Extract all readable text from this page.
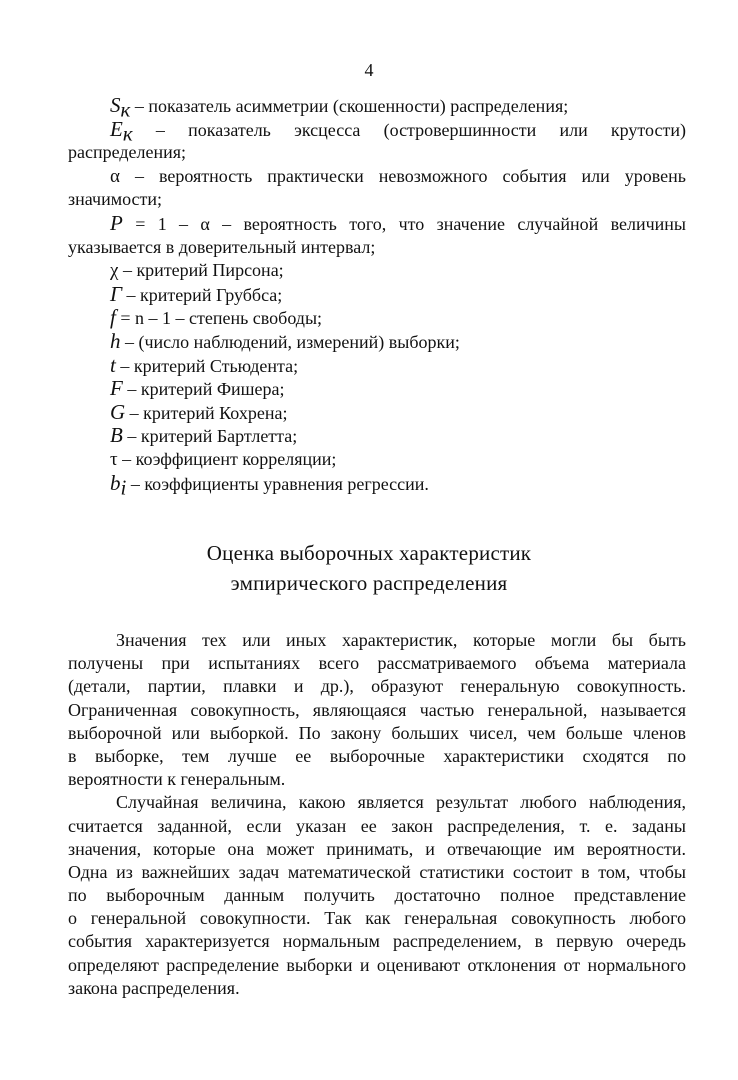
4
$S_к$ – показатель асимметрии (скошенности) распределения;
$E_к$ – показатель эксцесса (островершинности или крутости)
распределения;
α – вероятность практически невозможного события или уровень
значимости;
P = 1 – α – вероятность того, что значение случайной величины
указывается в доверительный интервал;
χ – критерий Пирсона;
Г – критерий Груббса;
f = n – 1 – степень свободы;
h – (число наблюдений, измерений) выборки;
t – критерий Стьюдента;
F – критерий Фишера;
G – критерий Кохрена;
B – критерий Бартлетта;
τ – коэффициент корреляции;
$b_i$ – коэффициенты уравнения регрессии.
Оценка выборочных характеристик
эмпирического распределения
Значения тех или иных характеристик, которые могли бы быть
получены при испытаниях всего рассматриваемого объема материала
(детали, партии, плавки и др.), образуют генеральную совокупность.
Ограниченная совокупность, являющаяся частью генеральной, называется
выборочной или выборкой. По закону больших чисел, чем больше членов
в выборке, тем лучше ее выборочные характеристики сходятся по
вероятности к генеральным.
Случайная величина, какою является результат любого наблюдения,
считается заданной, если указан ее закон распределения, т. е. заданы
значения, которые она может принимать, и отвечающие им вероятности.
Одна из важнейших задач математической статистики состоит в том, чтобы
по выборочным данным получить достаточно полное представление
о генеральной совокупности. Так как генеральная совокупность любого
события характеризуется нормальным распределением, в первую очередь
определяют распределение выборки и оценивают отклонения от нормального
закона распределения.
